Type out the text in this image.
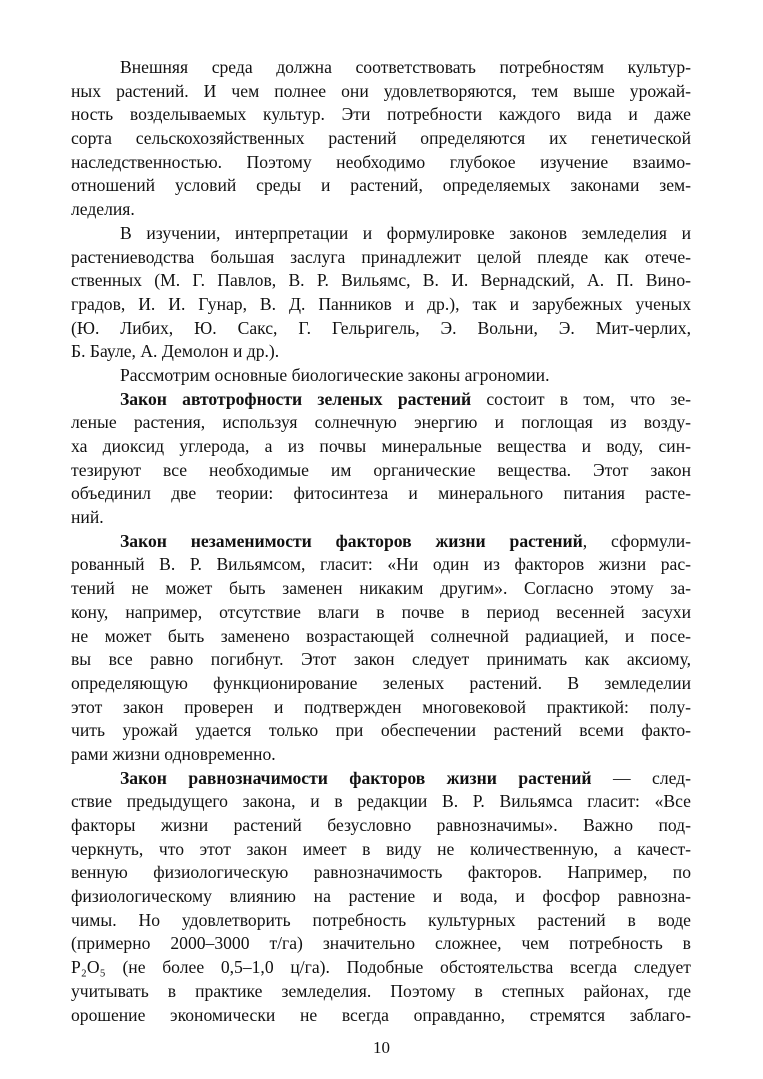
Внешняя среда должна соответствовать потребностям культур-
ных растений. И чем полнее они удовлетворяются, тем выше урожай-
ность возделываемых культур. Эти потребности каждого вида и даже
сорта сельскохозяйственных растений определяются их генетической
наследственностью. Поэтому необходимо глубокое изучение взаимо-
отношений условий среды и растений, определяемых законами зем-
леделия.
В изучении, интерпретации и формулировке законов земледелия и
растениеводства большая заслуга принадлежит целой плеяде как отече-
ственных (М. Г. Павлов, В. Р. Вильямс, В. И. Вернадский, А. П. Вино-
градов, И. И. Гунар, В. Д. Панников и др.), так и зарубежных ученых
(Ю. Либих, Ю. Сакс, Г. Гельригель, Э. Вольни, Э. Мит-черлих,
Б. Бауле, А. Демолон и др.).
Рассмотрим основные биологические законы агрономии.
Закон автотрофности зеленых растений состоит в том, что зе-
леные растения, используя солнечную энергию и поглощая из возду-
ха диоксид углерода, а из почвы минеральные вещества и воду, син-
тезируют все необходимые им органические вещества. Этот закон
объединил две теории: фитосинтеза и минерального питания расте-
ний.
Закон незаменимости факторов жизни растений, сформули-
рованный В. Р. Вильямсом, гласит: «Ни один из факторов жизни рас-
тений не может быть заменен никаким другим». Согласно этому за-
кону, например, отсутствие влаги в почве в период весенней засухи
не может быть заменено возрастающей солнечной радиацией, и посе-
вы все равно погибнут. Этот закон следует принимать как аксиому,
определяющую функционирование зеленых растений. В земледелии
этот закон проверен и подтвержден многовековой практикой: полу-
чить урожай удается только при обеспечении растений всеми факто-
рами жизни одновременно.
Закон равнозначимости факторов жизни растений — след-
ствие предыдущего закона, и в редакции В. Р. Вильямса гласит: «Все
факторы жизни растений безусловно равнозначимы». Важно под-
черкнуть, что этот закон имеет в виду не количественную, а качест-
венную физиологическую равнозначимость факторов. Например, по
физиологическому влиянию на растение и вода, и фосфор равнозна-
чимы. Но удовлетворить потребность культурных растений в воде
(примерно 2000–3000 т/га) значительно сложнее, чем потребность в
P₂O₅ (не более 0,5–1,0 ц/га). Подобные обстоятельства всегда следует
учитывать в практике земледелия. Поэтому в степных районах, где
орошение экономически не всегда оправданно, стремятся заблаго-
10
